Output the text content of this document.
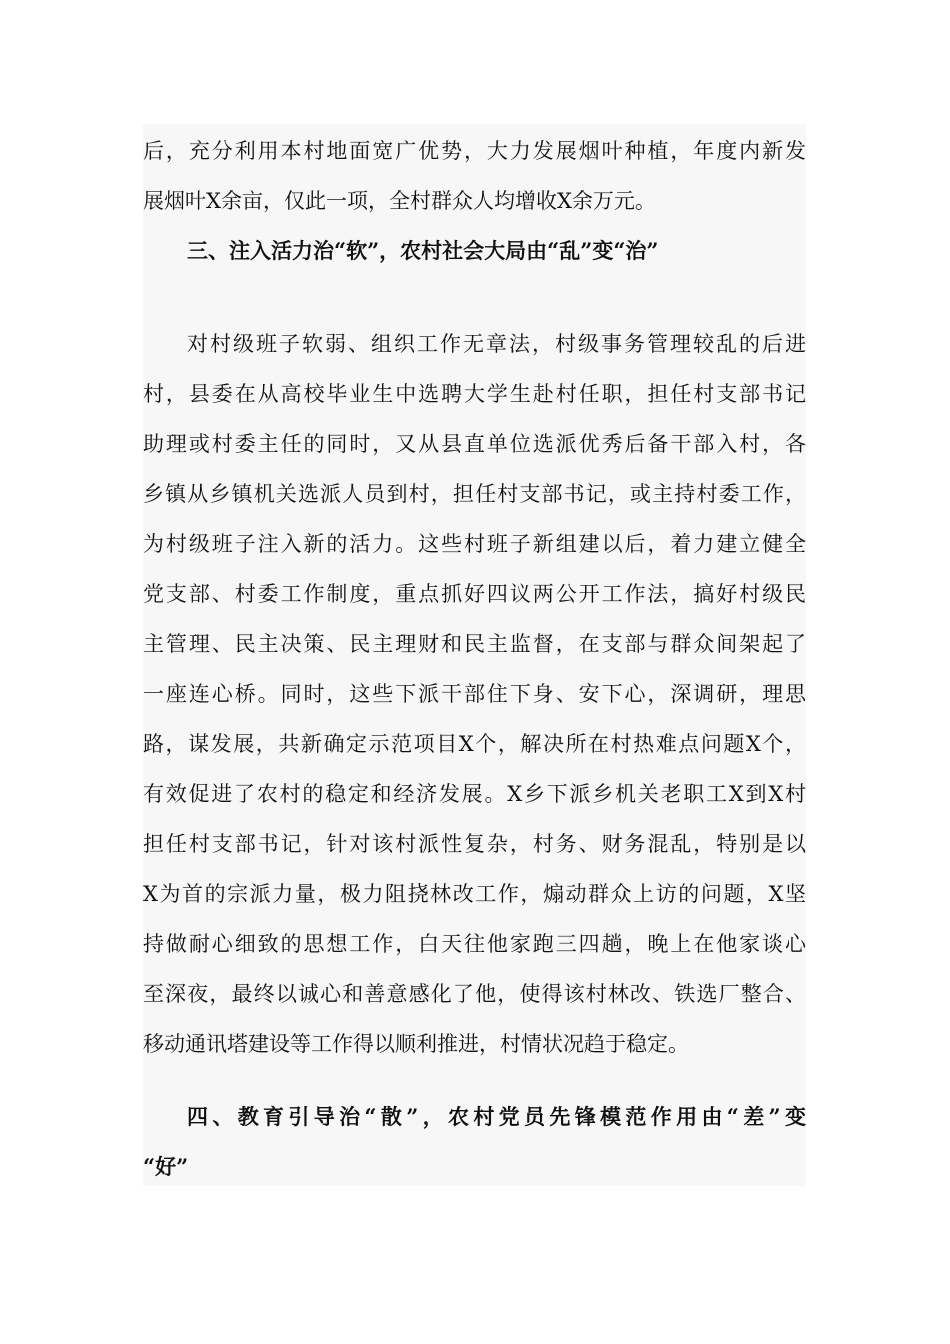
后，充分利用本村地面宽广优势，大力发展烟叶种植，年度内新发
展烟叶X余亩，仅此一项，全村群众人均增收X余万元。
三、注入活力治“软”，农村社会大局由“乱”变“治”
对村级班子软弱、组织工作无章法，村级事务管理较乱的后进
村，县委在从高校毕业生中选聘大学生赴村任职，担任村支部书记
助理或村委主任的同时，又从县直单位选派优秀后备干部入村，各
乡镇从乡镇机关选派人员到村，担任村支部书记，或主持村委工作，
为村级班子注入新的活力。这些村班子新组建以后，着力建立健全
党支部、村委工作制度，重点抓好四议两公开工作法，搞好村级民
主管理、民主决策、民主理财和民主监督，在支部与群众间架起了
一座连心桥。同时，这些下派干部住下身、安下心，深调研，理思
路，谋发展，共新确定示范项目X个，解决所在村热难点问题X个，
有效促进了农村的稳定和经济发展。X乡下派乡机关老职工X到X村
担任村支部书记，针对该村派性复杂，村务、财务混乱，特别是以
X为首的宗派力量，极力阻挠林改工作，煽动群众上访的问题，X坚
持做耐心细致的思想工作，白天往他家跑三四趟，晚上在他家谈心
至深夜，最终以诚心和善意感化了他，使得该村林改、铁选厂整合、
移动通讯塔建设等工作得以顺利推进，村情状况趋于稳定。
四、教育引导治“散”，农村党员先锋模范作用由“差”变
“好”
